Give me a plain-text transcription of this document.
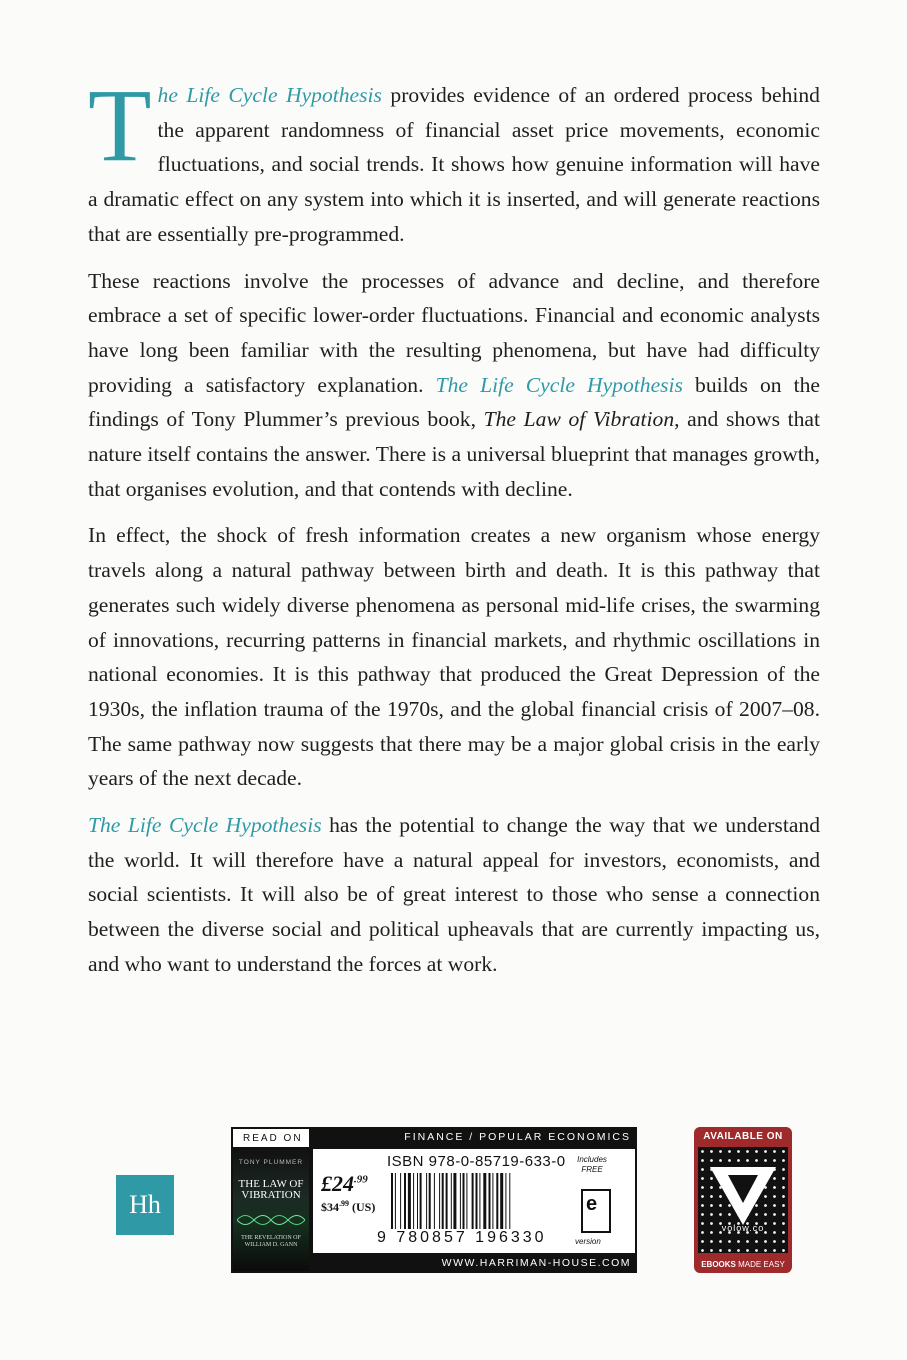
The Life Cycle Hypothesis provides evidence of an ordered process behind the apparent randomness of financial asset price movements, economic fluctuations, and social trends. It shows how genuine information will have a dramatic effect on any system into which it is inserted, and will generate reactions that are essentially pre-programmed.

These reactions involve the processes of advance and decline, and therefore embrace a set of specific lower-order fluctuations. Financial and economic analysts have long been familiar with the resulting phenomena, but have had difficulty providing a satisfactory explanation. The Life Cycle Hypothesis builds on the findings of Tony Plummer’s previous book, The Law of Vibration, and shows that nature itself contains the answer. There is a universal blueprint that manages growth, that organises evolution, and that contends with decline.

In effect, the shock of fresh information creates a new organism whose energy travels along a natural pathway between birth and death. It is this pathway that generates such widely diverse phenomena as personal mid-life crises, the swarming of innovations, recurring patterns in financial markets, and rhythmic oscillations in national economies. It is this pathway that produced the Great Depression of the 1930s, the inflation trauma of the 1970s, and the global financial crisis of 2007–08. The same pathway now suggests that there may be a major global crisis in the early years of the next decade.

The Life Cycle Hypothesis has the potential to change the way that we understand the world. It will therefore have a natural appeal for investors, economists, and social scientists. It will also be of great interest to those who sense a connection between the diverse social and political upheavals that are currently impacting us, and who want to understand the forces at work.

Hh
READ ON	FINANCE / POPULAR ECONOMICS
TONY PLUMMER
THE LAW OF VIBRATION
THE REVELATION OF WILLIAM D. GANN
$£24^{.99}$
$\$34^{.99}$ (US)
ISBN 978-0-85719-633-0
9 780857 196330
Includes FREE
e
version
WWW.HARRIMAN-HOUSE.COM
AVAILABLE ON
volow.co
EBOOKS MADE EASY
